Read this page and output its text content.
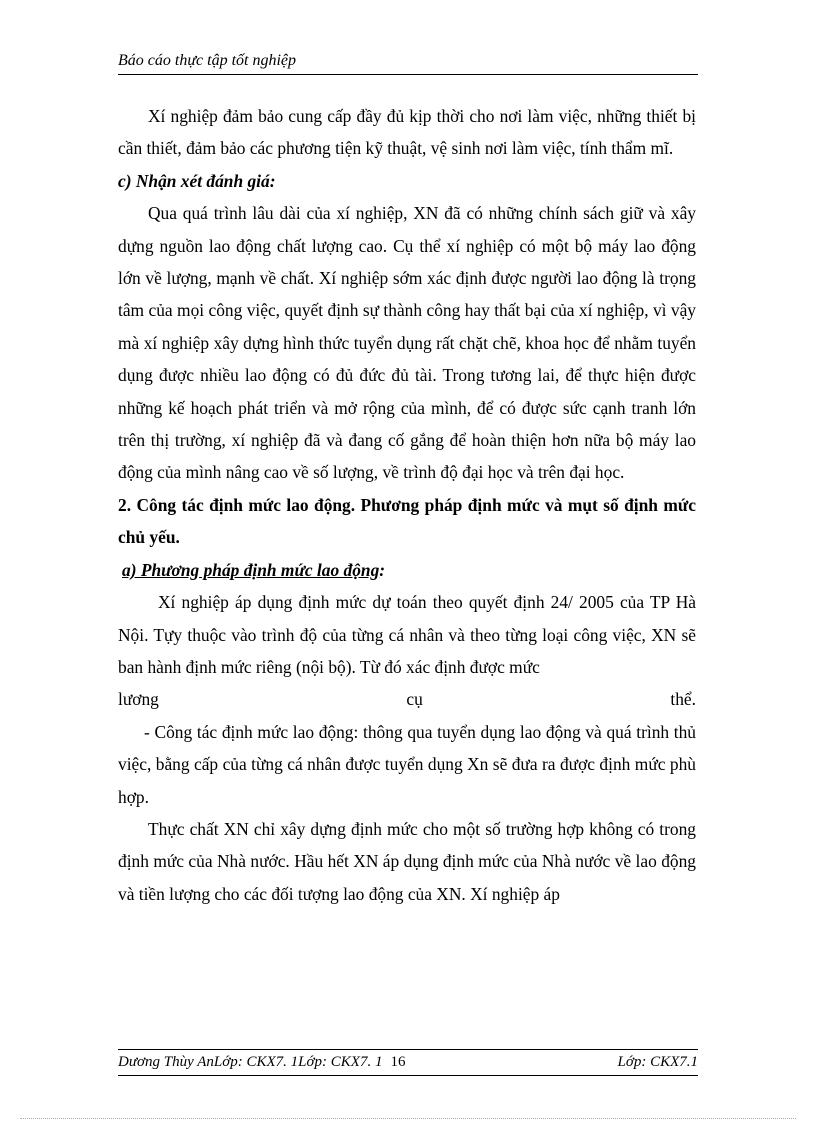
Báo cáo thực tập tốt nghiệp

Xí nghiệp đảm bảo cung cấp đầy đủ kịp thời cho nơi làm việc, những thiết bị cần thiết, đảm bảo các phương tiện kỹ thuật, vệ sinh nơi làm việc, tính thẩm mĩ.

c) Nhận xét đánh giá:

Qua quá trình lâu dài của xí nghiệp, XN đã có những chính sách giữ và xây dựng nguồn lao động chất lượng cao. Cụ thể xí nghiệp có một bộ máy lao động lớn về lượng, mạnh về chất. Xí nghiệp sớm xác định được người lao động là trọng tâm của mọi công việc, quyết định sự thành công hay thất bại của xí nghiệp, vì vậy mà xí nghiệp xây dựng hình thức tuyển dụng rất chặt chẽ, khoa học để nhằm tuyển dụng được nhiều lao động có đủ đức đủ tài. Trong tương lai, để thực hiện được những kế hoạch phát triển và mở rộng của mình, để có được sức cạnh tranh lớn trên thị trường, xí nghiệp đã và đang cố gắng để hoàn thiện hơn nữa bộ máy lao động của mình nâng cao về số lượng, về trình độ đại học và trên đại học.

2. Công tác định mức lao động. Phương pháp định mức và mụt số định mức chủ yếu.

a) Phương pháp định mức lao động:

Xí nghiệp áp dụng định mức dự toán theo quyết định 24/ 2005 của TP Hà Nội. Tựy thuộc vào trình độ của từng cá nhân và theo từng loại công việc, XN sẽ ban hành định mức riêng (nội bộ). Từ đó xác định được mức

lương	cụ	thể.

- Công tác định mức lao động: thông qua tuyển dụng lao động và quá trình thủ việc, bằng cấp của từng cá nhân được tuyển dụng Xn sẽ đưa ra được định mức phù hợp.

Thực chất XN chỉ xây dựng định mức cho một số trường hợp không có trong định mức của Nhà nước. Hầu hết XN áp dụng định mức của Nhà nước về lao động và tiền lượng cho các đối tượng lao động của XN. Xí nghiệp áp

Dương Thùy AnLớp: CKX7. 1Lớp: CKX7. 1 16	Lớp: CKX7.1
